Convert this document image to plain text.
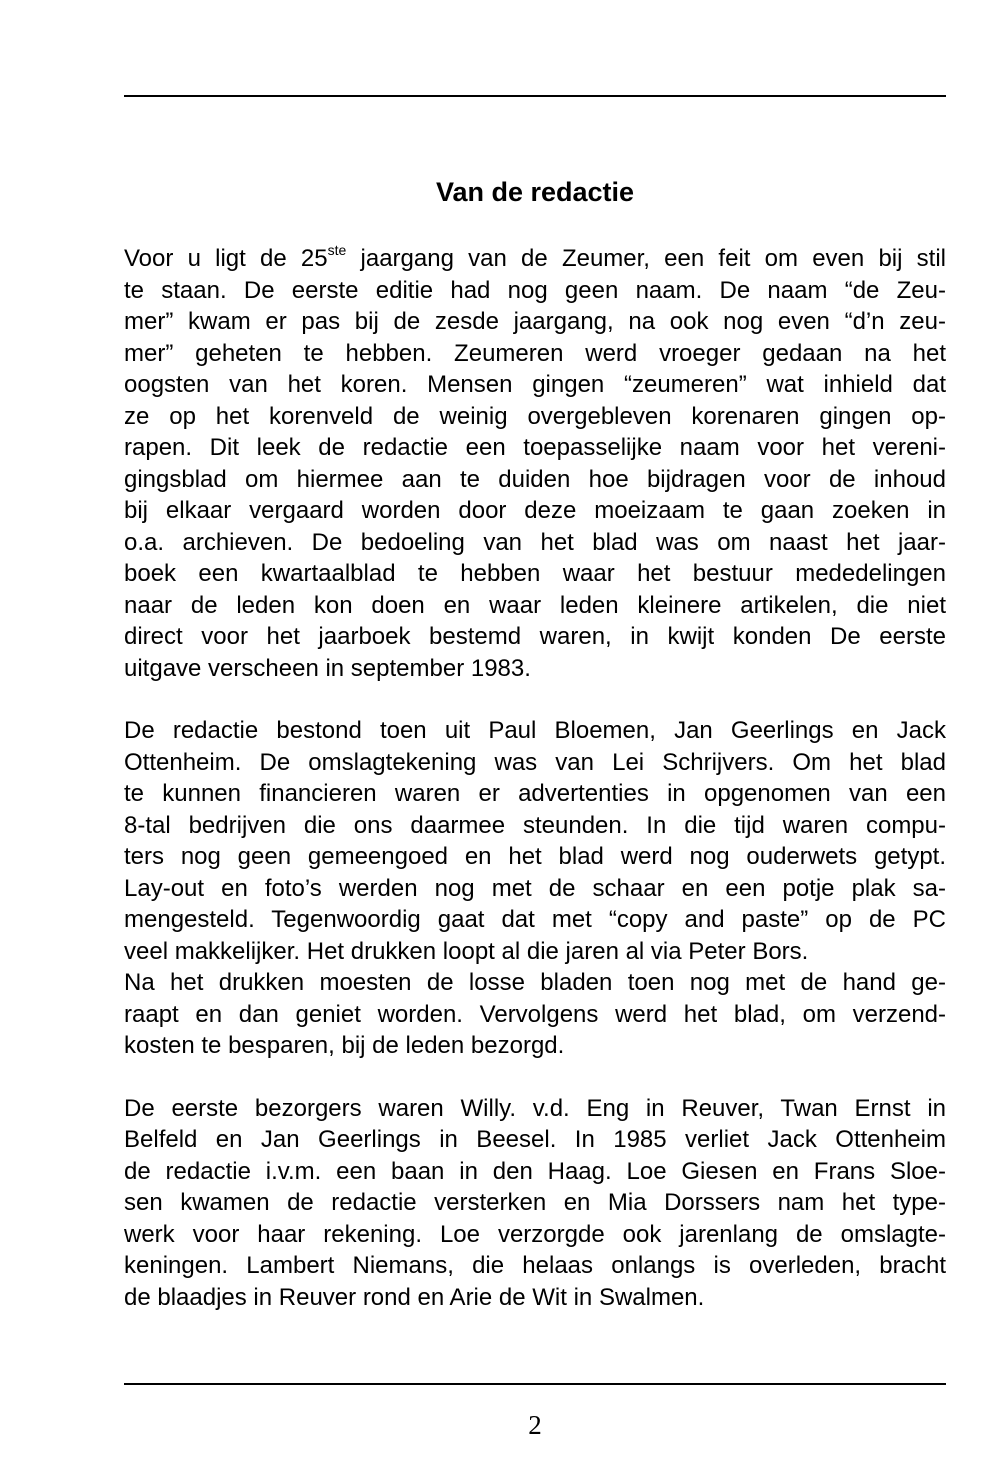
Van de redactie

Voor u ligt de 25ste jaargang van de Zeumer, een feit om even bij stil
te staan. De eerste editie had nog geen naam. De naam “de Zeu-
mer” kwam er pas bij de zesde jaargang, na ook nog even “d’n zeu-
mer” geheten te hebben. Zeumeren werd vroeger gedaan na het
oogsten van het koren. Mensen gingen “zeumeren” wat inhield dat
ze op het korenveld de weinig overgebleven korenaren gingen op-
rapen. Dit leek de redactie een toepasselijke naam voor het vereni-
gingsblad om hiermee aan te duiden hoe bijdragen voor de inhoud
bij elkaar vergaard worden door deze moeizaam te gaan zoeken in
o.a. archieven. De bedoeling van het blad was om naast het jaar-
boek een kwartaalblad te hebben waar het bestuur mededelingen
naar de leden kon doen en waar leden kleinere artikelen, die niet
direct voor het jaarboek bestemd waren, in kwijt konden De eerste
uitgave verscheen in september 1983.

De redactie bestond toen uit Paul Bloemen, Jan Geerlings en Jack
Ottenheim. De omslagtekening was van Lei Schrijvers. Om het blad
te kunnen financieren waren er advertenties in opgenomen van een
8-tal bedrijven die ons daarmee steunden. In die tijd waren compu-
ters nog geen gemeengoed en het blad werd nog ouderwets getypt.
Lay-out en foto’s werden nog met de schaar en een potje plak sa-
mengesteld. Tegenwoordig gaat dat met “copy and paste” op de PC
veel makkelijker. Het drukken loopt al die jaren al via Peter Bors.
Na het drukken moesten de losse bladen toen nog met de hand ge-
raapt en dan geniet worden. Vervolgens werd het blad, om verzend-
kosten te besparen, bij de leden bezorgd.

De eerste bezorgers waren Willy. v.d. Eng in Reuver, Twan Ernst in
Belfeld en Jan Geerlings in Beesel. In 1985 verliet Jack Ottenheim
de redactie i.v.m. een baan in den Haag. Loe Giesen en Frans Sloe-
sen kwamen de redactie versterken en Mia Dorssers nam het type-
werk voor haar rekening. Loe verzorgde ook jarenlang de omslagte-
keningen. Lambert Niemans, die helaas onlangs is overleden, bracht
de blaadjes in Reuver rond en Arie de Wit in Swalmen.

2
